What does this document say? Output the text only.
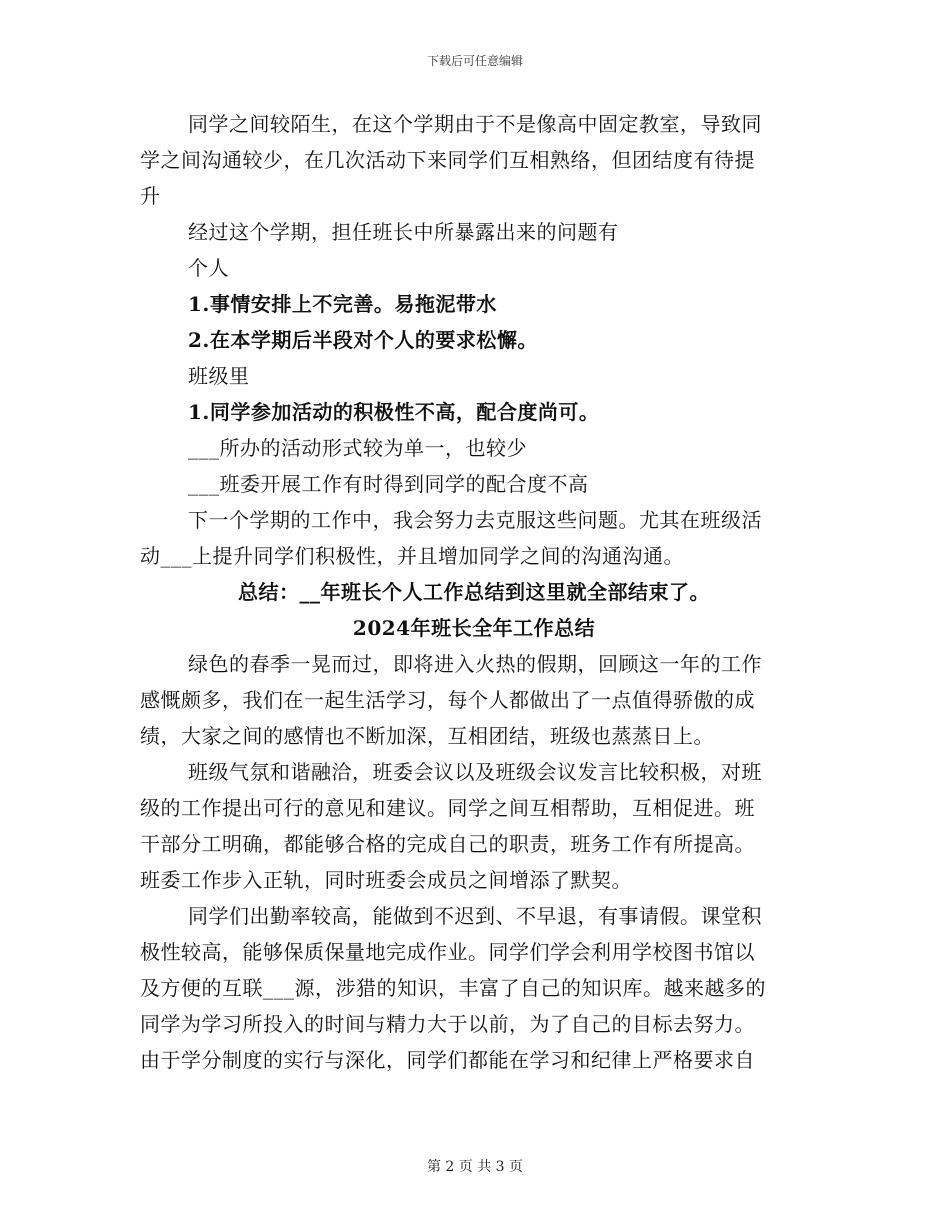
下载后可任意编辑
同学之间较陌生，在这个学期由于不是像高中固定教室，导致同
学之间沟通较少，在几次活动下来同学们互相熟络，但团结度有待提
升
经过这个学期，担任班长中所暴露出来的问题有
个人
1.事情安排上不完善。易拖泥带水
2.在本学期后半段对个人的要求松懈。
班级里
1.同学参加活动的积极性不高，配合度尚可。
___所办的活动形式较为单一，也较少
___班委开展工作有时得到同学的配合度不高
下一个学期的工作中，我会努力去克服这些问题。尤其在班级活
动___上提升同学们积极性，并且增加同学之间的沟通沟通。
总结：__年班长个人工作总结到这里就全部结束了。
2024年班长全年工作总结
绿色的春季一晃而过，即将进入火热的假期，回顾这一年的工作
感慨颇多，我们在一起生活学习，每个人都做出了一点值得骄傲的成
绩，大家之间的感情也不断加深，互相团结，班级也蒸蒸日上。
班级气氛和谐融洽，班委会议以及班级会议发言比较积极，对班
级的工作提出可行的意见和建议。同学之间互相帮助，互相促进。班
干部分工明确，都能够合格的完成自己的职责，班务工作有所提高。
班委工作步入正轨，同时班委会成员之间增添了默契。
同学们出勤率较高，能做到不迟到、不早退，有事请假。课堂积
极性较高，能够保质保量地完成作业。同学们学会利用学校图书馆以
及方便的互联___源，涉猎的知识，丰富了自己的知识库。越来越多的
同学为学习所投入的时间与精力大于以前，为了自己的目标去努力。
由于学分制度的实行与深化，同学们都能在学习和纪律上严格要求自
第 2 页 共 3 页
